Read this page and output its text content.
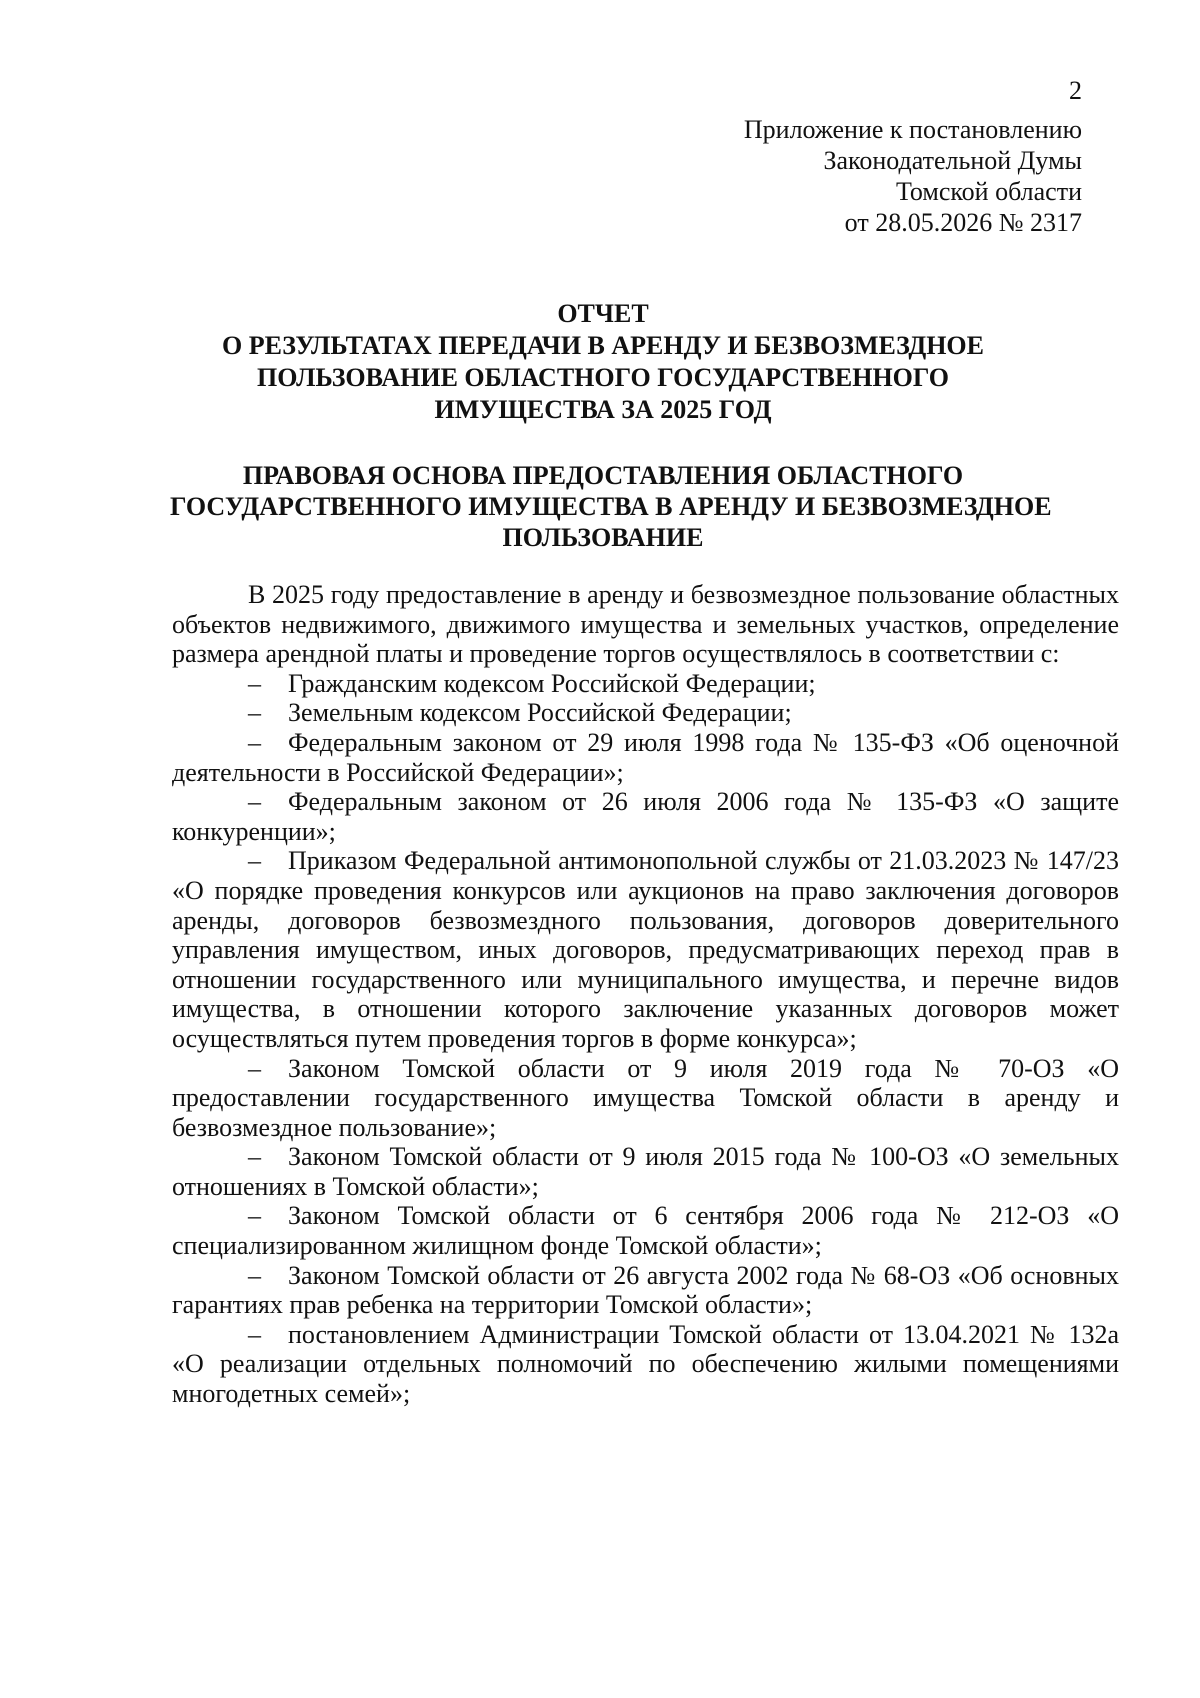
2

Приложение к постановлению
Законодательной Думы
Томской области
от 28.05.2026 № 2317
ОТЧЕТ
О РЕЗУЛЬТАТАХ ПЕРЕДАЧИ В АРЕНДУ И БЕЗВОЗМЕЗДНОЕ
ПОЛЬЗОВАНИЕ ОБЛАСТНОГО ГОСУДАРСТВЕННОГО
ИМУЩЕСТВА ЗА 2025 ГОД
ПРАВОВАЯ ОСНОВА ПРЕДОСТАВЛЕНИЯ ОБЛАСТНОГО
ГОСУДАРСТВЕННОГО ИМУЩЕСТВА В АРЕНДУ И БЕЗВОЗМЕЗДНОЕ
ПОЛЬЗОВАНИЕ

В 2025 году предоставление в аренду и безвозмездное пользование областных объектов недвижимого, движимого имущества и земельных участков, определение размера арендной платы и проведение торгов осуществлялось в соответствии с:

– Гражданским кодексом Российской Федерации;
– Земельным кодексом Российской Федерации;
– Федеральным законом от 29 июля 1998 года № 135-ФЗ «Об оценочной деятельности в Российской Федерации»;
– Федеральным законом от 26 июля 2006 года № 135-ФЗ «О защите конкуренции»;
– Приказом Федеральной антимонопольной службы от 21.03.2023 № 147/23 «О порядке проведения конкурсов или аукционов на право заключения договоров аренды, договоров безвозмездного пользования, договоров доверительного управления имуществом, иных договоров, предусматривающих переход прав в отношении государственного или муниципального имущества, и перечне видов имущества, в отношении которого заключение указанных договоров может осуществляться путем проведения торгов в форме конкурса»;
– Законом Томской области от 9 июля 2019 года № 70-ОЗ «О предоставлении государственного имущества Томской области в аренду и безвозмездное пользование»;
– Законом Томской области от 9 июля 2015 года № 100-ОЗ «О земельных отношениях в Томской области»;
– Законом Томской области от 6 сентября 2006 года № 212-ОЗ «О специализированном жилищном фонде Томской области»;
– Законом Томской области от 26 августа 2002 года № 68-ОЗ «Об основных гарантиях прав ребенка на территории Томской области»;
– постановлением Администрации Томской области от 13.04.2021 № 132а «О реализации отдельных полномочий по обеспечению жилыми помещениями многодетных семей»;
